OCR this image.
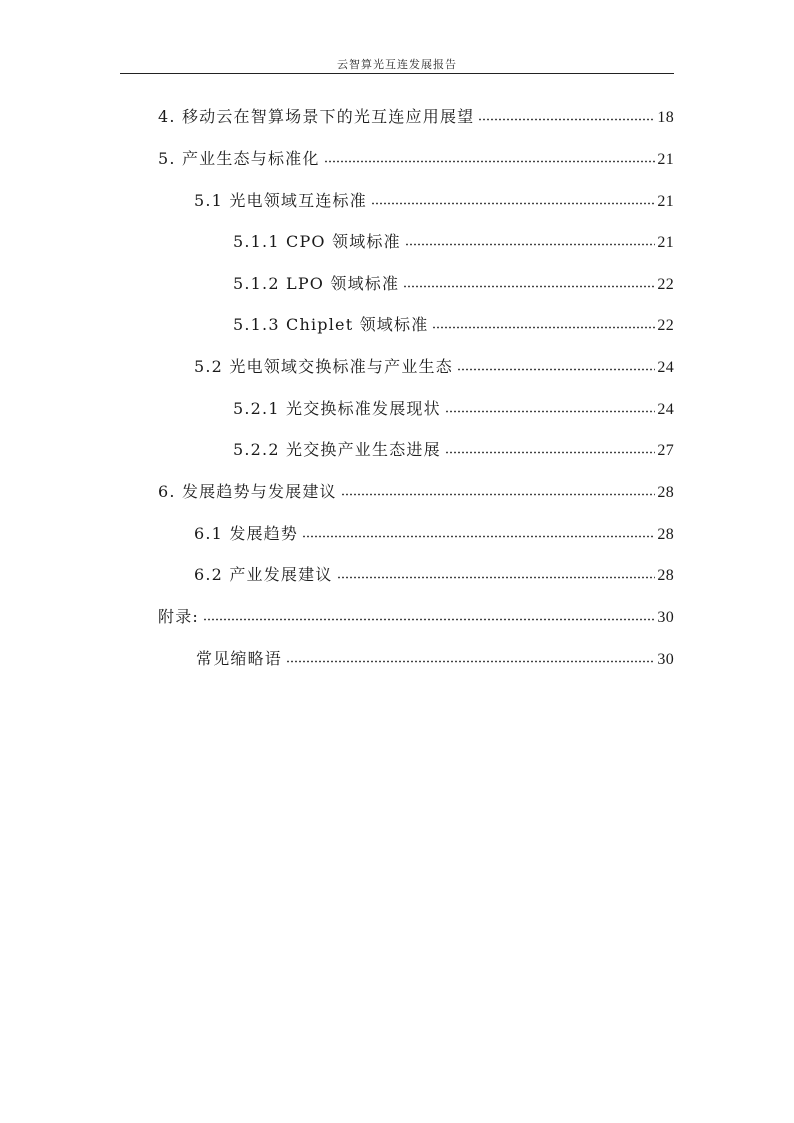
云智算光互连发展报告
4. 移动云在智算场景下的光互连应用展望	18
5. 产业生态与标准化	21
5.1 光电领域互连标准	21
5.1.1 CPO 领域标准	21
5.1.2 LPO 领域标准	22
5.1.3 Chiplet 领域标准	22
5.2 光电领域交换标准与产业生态	24
5.2.1 光交换标准发展现状	24
5.2.2 光交换产业生态进展	27
6. 发展趋势与发展建议	28
6.1 发展趋势	28
6.2 产业发展建议	28
附录:	30
常见缩略语	30
